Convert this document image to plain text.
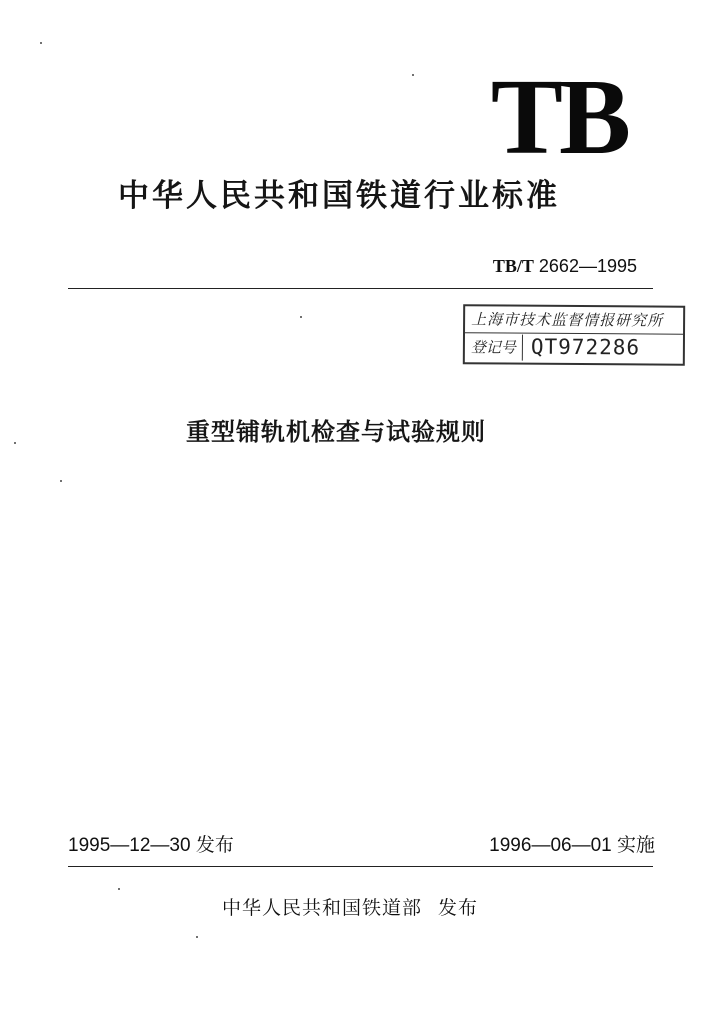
TB
中华人民共和国铁道行业标准
TB/T 2662—1995
上海市技术监督情报研究所
登记号 QT972286
重型铺轨机检查与试验规则
1995—12—30 发布	1996—06—01 实施
中华人民共和国铁道部 发布
